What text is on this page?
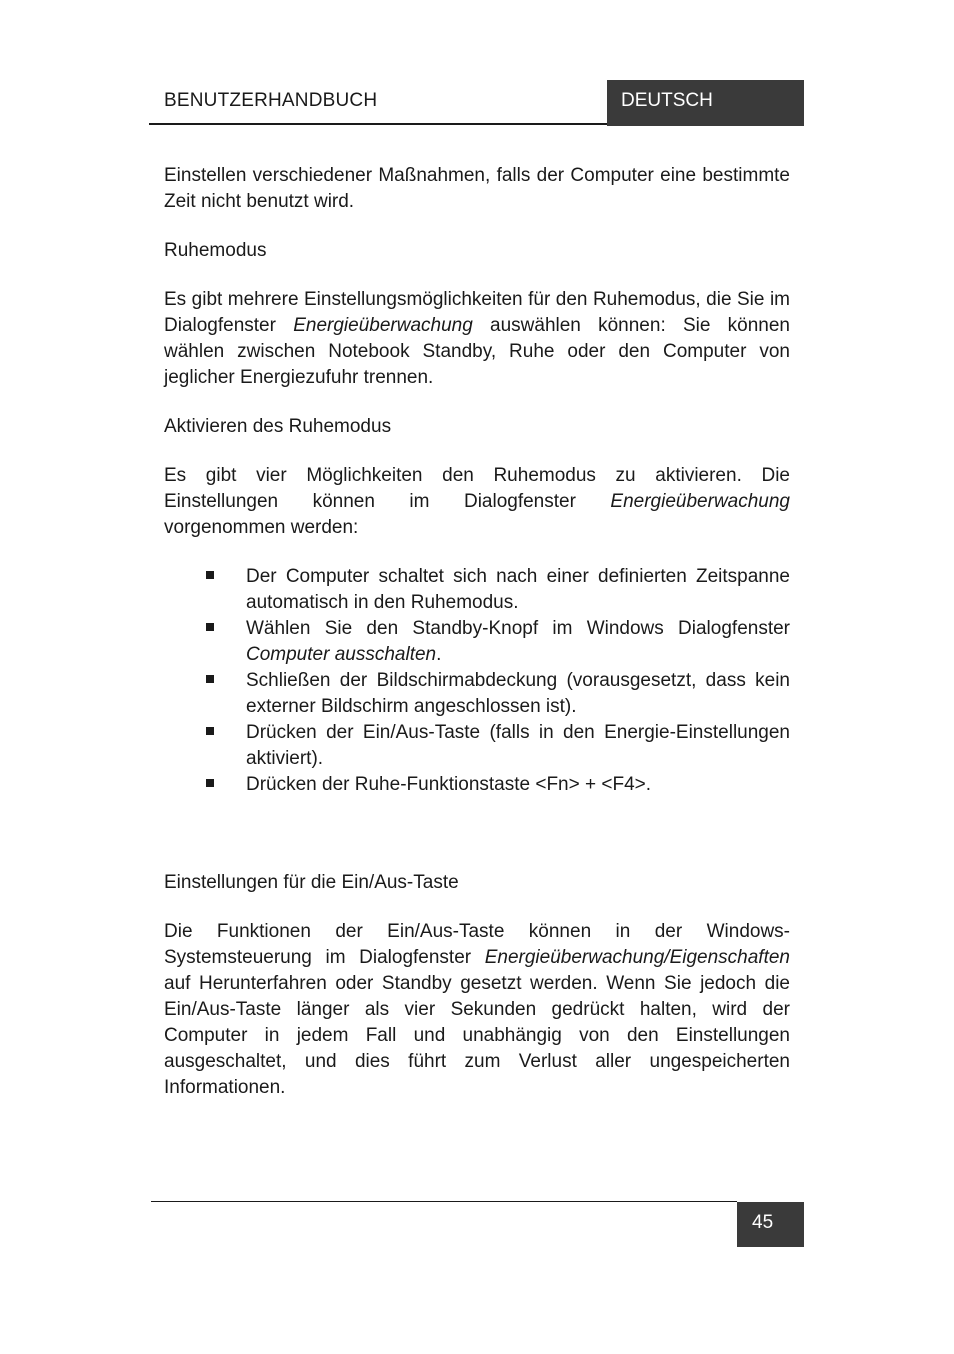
BENUTZERHANDBUCH	DEUTSCH

Einstellen verschiedener Maßnahmen, falls der Computer eine bestimmte Zeit nicht benutzt wird.

Ruhemodus

Es gibt mehrere Einstellungsmöglichkeiten für den Ruhemodus, die Sie im Dialogfenster Energieüberwachung auswählen können: Sie können wählen zwischen Notebook Standby, Ruhe oder den Computer von jeglicher Energiezufuhr trennen.

Aktivieren des Ruhemodus

Es gibt vier Möglichkeiten den Ruhemodus zu aktivieren. Die Einstellungen können im Dialogfenster Energieüberwachung vorgenommen werden:

Der Computer schaltet sich nach einer definierten Zeitspanne automatisch in den Ruhemodus.
Wählen Sie den Standby-Knopf im Windows Dialogfenster Computer ausschalten.
Schließen der Bildschirmabdeckung (vorausgesetzt, dass kein externer Bildschirm angeschlossen ist).
Drücken der Ein/Aus-Taste (falls in den Energie-Einstellungen aktiviert).
Drücken der Ruhe-Funktionstaste <Fn> + <F4>.
Einstellungen für die Ein/Aus-Taste

Die Funktionen der Ein/Aus-Taste können in der Windows-Systemsteuerung im Dialogfenster Energieüberwachung/Eigenschaften auf Herunterfahren oder Standby gesetzt werden. Wenn Sie jedoch die Ein/Aus-Taste länger als vier Sekunden gedrückt halten, wird der Computer in jedem Fall und unabhängig von den Einstellungen ausgeschaltet, und dies führt zum Verlust aller ungespeicherten Informationen.

45
